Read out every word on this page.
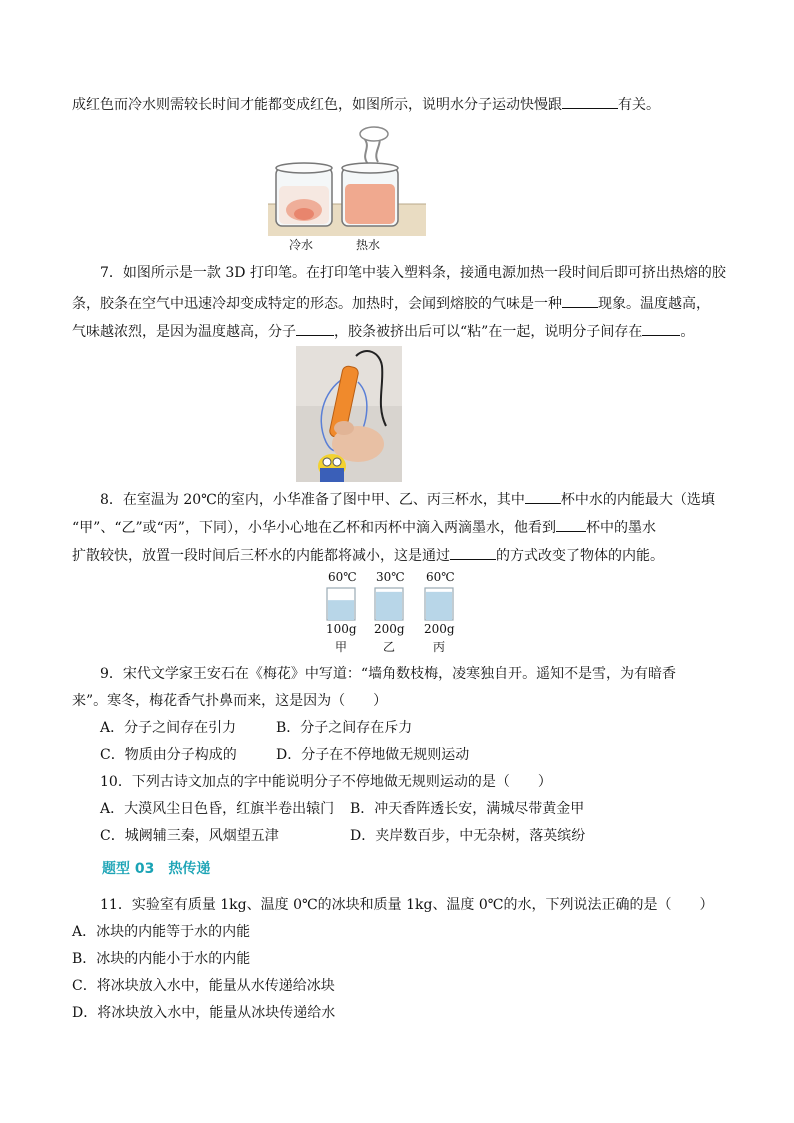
成红色而冷水则需较长时间才能都变成红色，如图所示，说明水分子运动快慢跟	有关。
冷水	热水
7．如图所示是一款 3D 打印笔。在打印笔中装入塑料条，接通电源加热一段时间后即可挤出热熔的胶
条，胶条在空气中迅速冷却变成特定的形态。加热时，会闻到熔胶的气味是一种	现象。温度越高，
气味越浓烈，是因为温度越高，分子	，胶条被挤出后可以“粘”在一起，说明分子间存在	。
8．在室温为 20℃的室内，小华准备了图中甲、乙、丙三杯水，其中	杯中水的内能最大（选填
“甲”、“乙”或“丙”，下同），小华小心地在乙杯和丙杯中滴入两滴墨水，他看到 杯中的墨水
扩散较快，放置一段时间后三杯水的内能都将减小，这是通过	的方式改变了物体的内能。
60℃ 30℃ 60℃
100g 200g 200g
甲	乙	丙
9．宋代文学家王安石在《梅花》中写道：“墙角数枝梅，凌寒独自开。遥知不是雪，为有暗香
来”。寒冬，梅花香气扑鼻而来，这是因为（　　）
A．分子之间存在引力	B．分子之间存在斥力
C．物质由分子构成的	D．分子在不停地做无规则运动
10．下列古诗文加点的字中能说明分子不停地做无规则运动的是（　　）
A．大漠风尘日色昏，红旗半卷出辕门 B．冲天香阵透长安，满城尽带黄金甲
C．城阙辅三秦，风烟望五津	D．夹岸数百步，中无杂树，落英缤纷
题型 03　热传递
11．实验室有质量 1kg、温度 0℃的冰块和质量 1kg、温度 0℃的水，下列说法正确的是（　　）
A．冰块的内能等于水的内能
B．冰块的内能小于水的内能
C．将冰块放入水中，能量从水传递给冰块
D．将冰块放入水中，能量从冰块传递给水
